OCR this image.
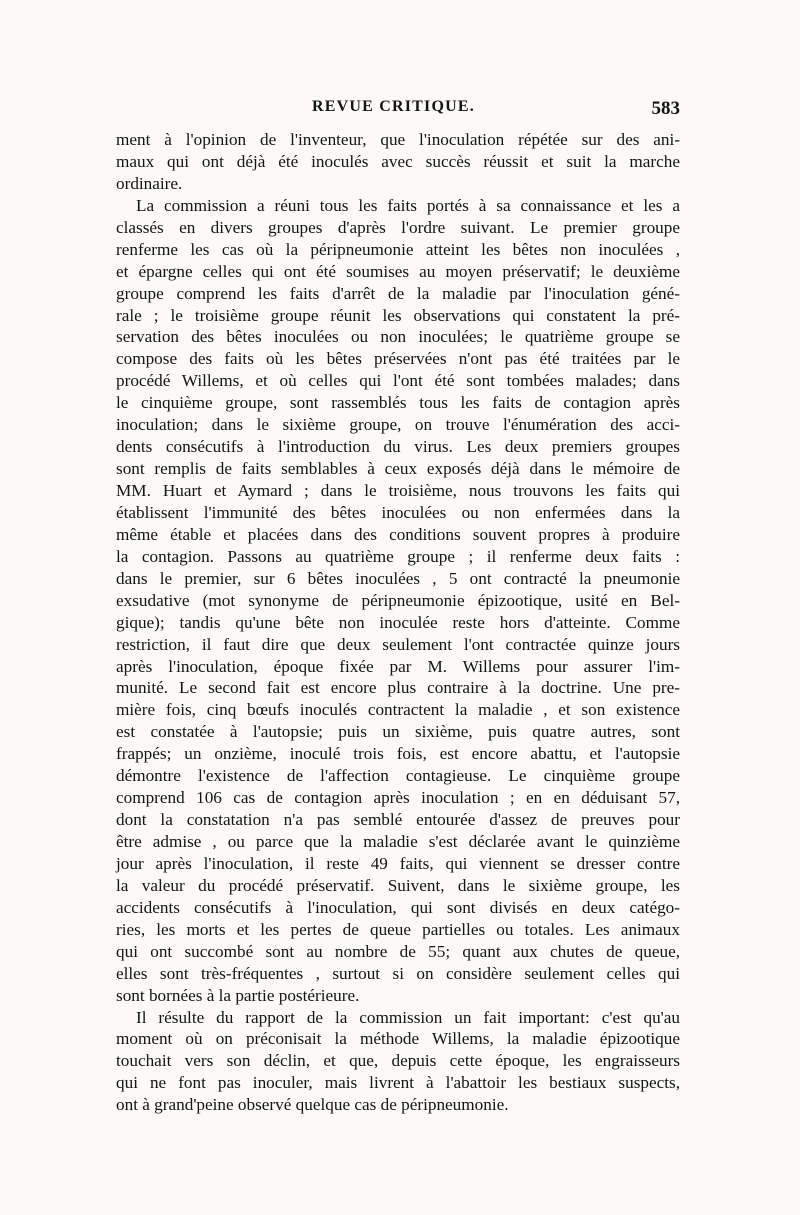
REVUE CRITIQUE.	583
ment à l'opinion de l'inventeur, que l'inoculation répétée sur des ani-
maux qui ont déjà été inoculés avec succès réussit et suit la marche
ordinaire.
La commission a réuni tous les faits portés à sa connaissance et les a
classés en divers groupes d'après l'ordre suivant. Le premier groupe
renferme les cas où la péripneumonie atteint les bêtes non inoculées ,
et épargne celles qui ont été soumises au moyen préservatif; le deuxième
groupe comprend les faits d'arrêt de la maladie par l'inoculation géné-
rale ; le troisième groupe réunit les observations qui constatent la pré-
servation des bêtes inoculées ou non inoculées; le quatrième groupe se
compose des faits où les bêtes préservées n'ont pas été traitées par le
procédé Willems, et où celles qui l'ont été sont tombées malades; dans
le cinquième groupe, sont rassemblés tous les faits de contagion après
inoculation; dans le sixième groupe, on trouve l'énumération des acci-
dents consécutifs à l'introduction du virus. Les deux premiers groupes
sont remplis de faits semblables à ceux exposés déjà dans le mémoire de
MM. Huart et Aymard ; dans le troisième, nous trouvons les faits qui
établissent l'immunité des bêtes inoculées ou non enfermées dans la
même étable et placées dans des conditions souvent propres à produire
la contagion. Passons au quatrième groupe ; il renferme deux faits :
dans le premier, sur 6 bêtes inoculées , 5 ont contracté la pneumonie
exsudative (mot synonyme de péripneumonie épizootique, usité en Bel-
gique); tandis qu'une bête non inoculée reste hors d'atteinte. Comme
restriction, il faut dire que deux seulement l'ont contractée quinze jours
après l'inoculation, époque fixée par M. Willems pour assurer l'im-
munité. Le second fait est encore plus contraire à la doctrine. Une pre-
mière fois, cinq bœufs inoculés contractent la maladie , et son existence
est constatée à l'autopsie; puis un sixième, puis quatre autres, sont
frappés; un onzième, inoculé trois fois, est encore abattu, et l'autopsie
démontre l'existence de l'affection contagieuse. Le cinquième groupe
comprend 106 cas de contagion après inoculation ; en en déduisant 57,
dont la constatation n'a pas semblé entourée d'assez de preuves pour
être admise , ou parce que la maladie s'est déclarée avant le quinzième
jour après l'inoculation, il reste 49 faits, qui viennent se dresser contre
la valeur du procédé préservatif. Suivent, dans le sixième groupe, les
accidents consécutifs à l'inoculation, qui sont divisés en deux catégo-
ries, les morts et les pertes de queue partielles ou totales. Les animaux
qui ont succombé sont au nombre de 55; quant aux chutes de queue,
elles sont très-fréquentes , surtout si on considère seulement celles qui
sont bornées à la partie postérieure.
Il résulte du rapport de la commission un fait important: c'est qu'au
moment où on préconisait la méthode Willems, la maladie épizootique
touchait vers son déclin, et que, depuis cette époque, les engraisseurs
qui ne font pas inoculer, mais livrent à l'abattoir les bestiaux suspects,
ont à grand'peine observé quelque cas de péripneumonie.
